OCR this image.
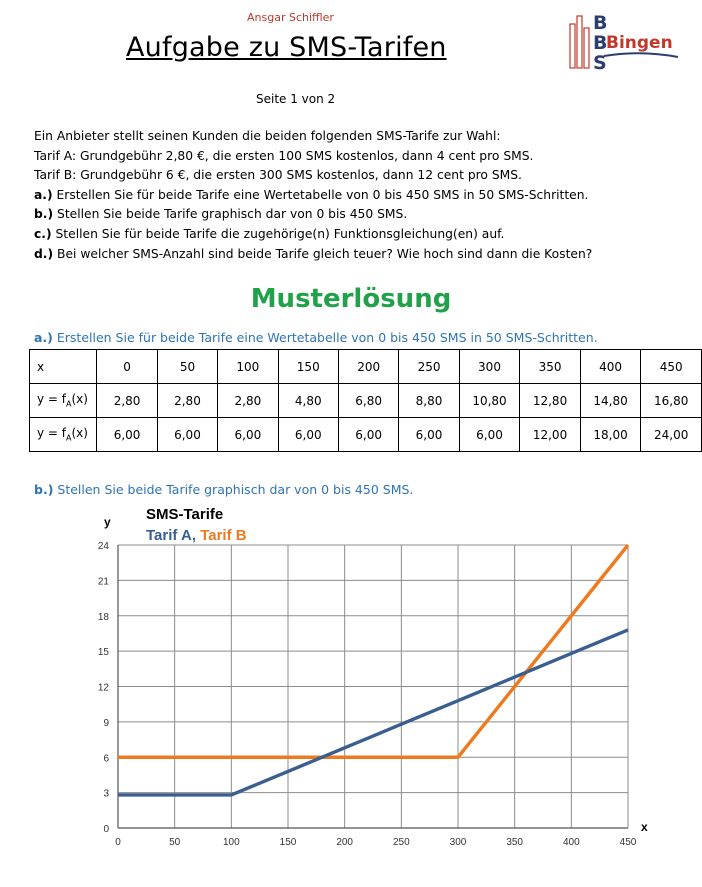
Ansgar Schiffler
Aufgabe zu SMS-Tarifen
Seite 1 von 2
B
B
S
Bingen
Ein Anbieter stellt seinen Kunden die beiden folgenden SMS-Tarife zur Wahl:
Tarif A: Grundgebühr 2,80 €, die ersten 100 SMS kostenlos, dann 4 cent pro SMS.
Tarif B: Grundgebühr 6 €, die ersten 300 SMS kostenlos, dann 12 cent pro SMS.
a.) Erstellen Sie für beide Tarife eine Wertetabelle von 0 bis 450 SMS in 50 SMS-Schritten.
b.) Stellen Sie beide Tarife graphisch dar von 0 bis 450 SMS.
c.) Stellen Sie für beide Tarife die zugehörige(n) Funktionsgleichung(en) auf.
d.) Bei welcher SMS-Anzahl sind beide Tarife gleich teuer? Wie hoch sind dann die Kosten?
Musterlösung
a.) Erstellen Sie für beide Tarife eine Wertetabelle von 0 bis 450 SMS in 50 SMS-Schritten.
x	0	50	100	150	200	250	300	350	400	450
$y = f_A(x)$	2,80	2,80	2,80	4,80	6,80	8,80	10,80	12,80	14,80	16,80
$y = f_A(x)$	6,00	6,00	6,00	6,00	6,00	6,00	6,00	12,00	18,00	24,00
b.) Stellen Sie beide Tarife graphisch dar von 0 bis 450 SMS.
0	50	100	150	200	250	300	350	400	450
0
3
6
9
12
15
18
21
24
SMS-Tarife
Tarif A, Tarif B
y
x
